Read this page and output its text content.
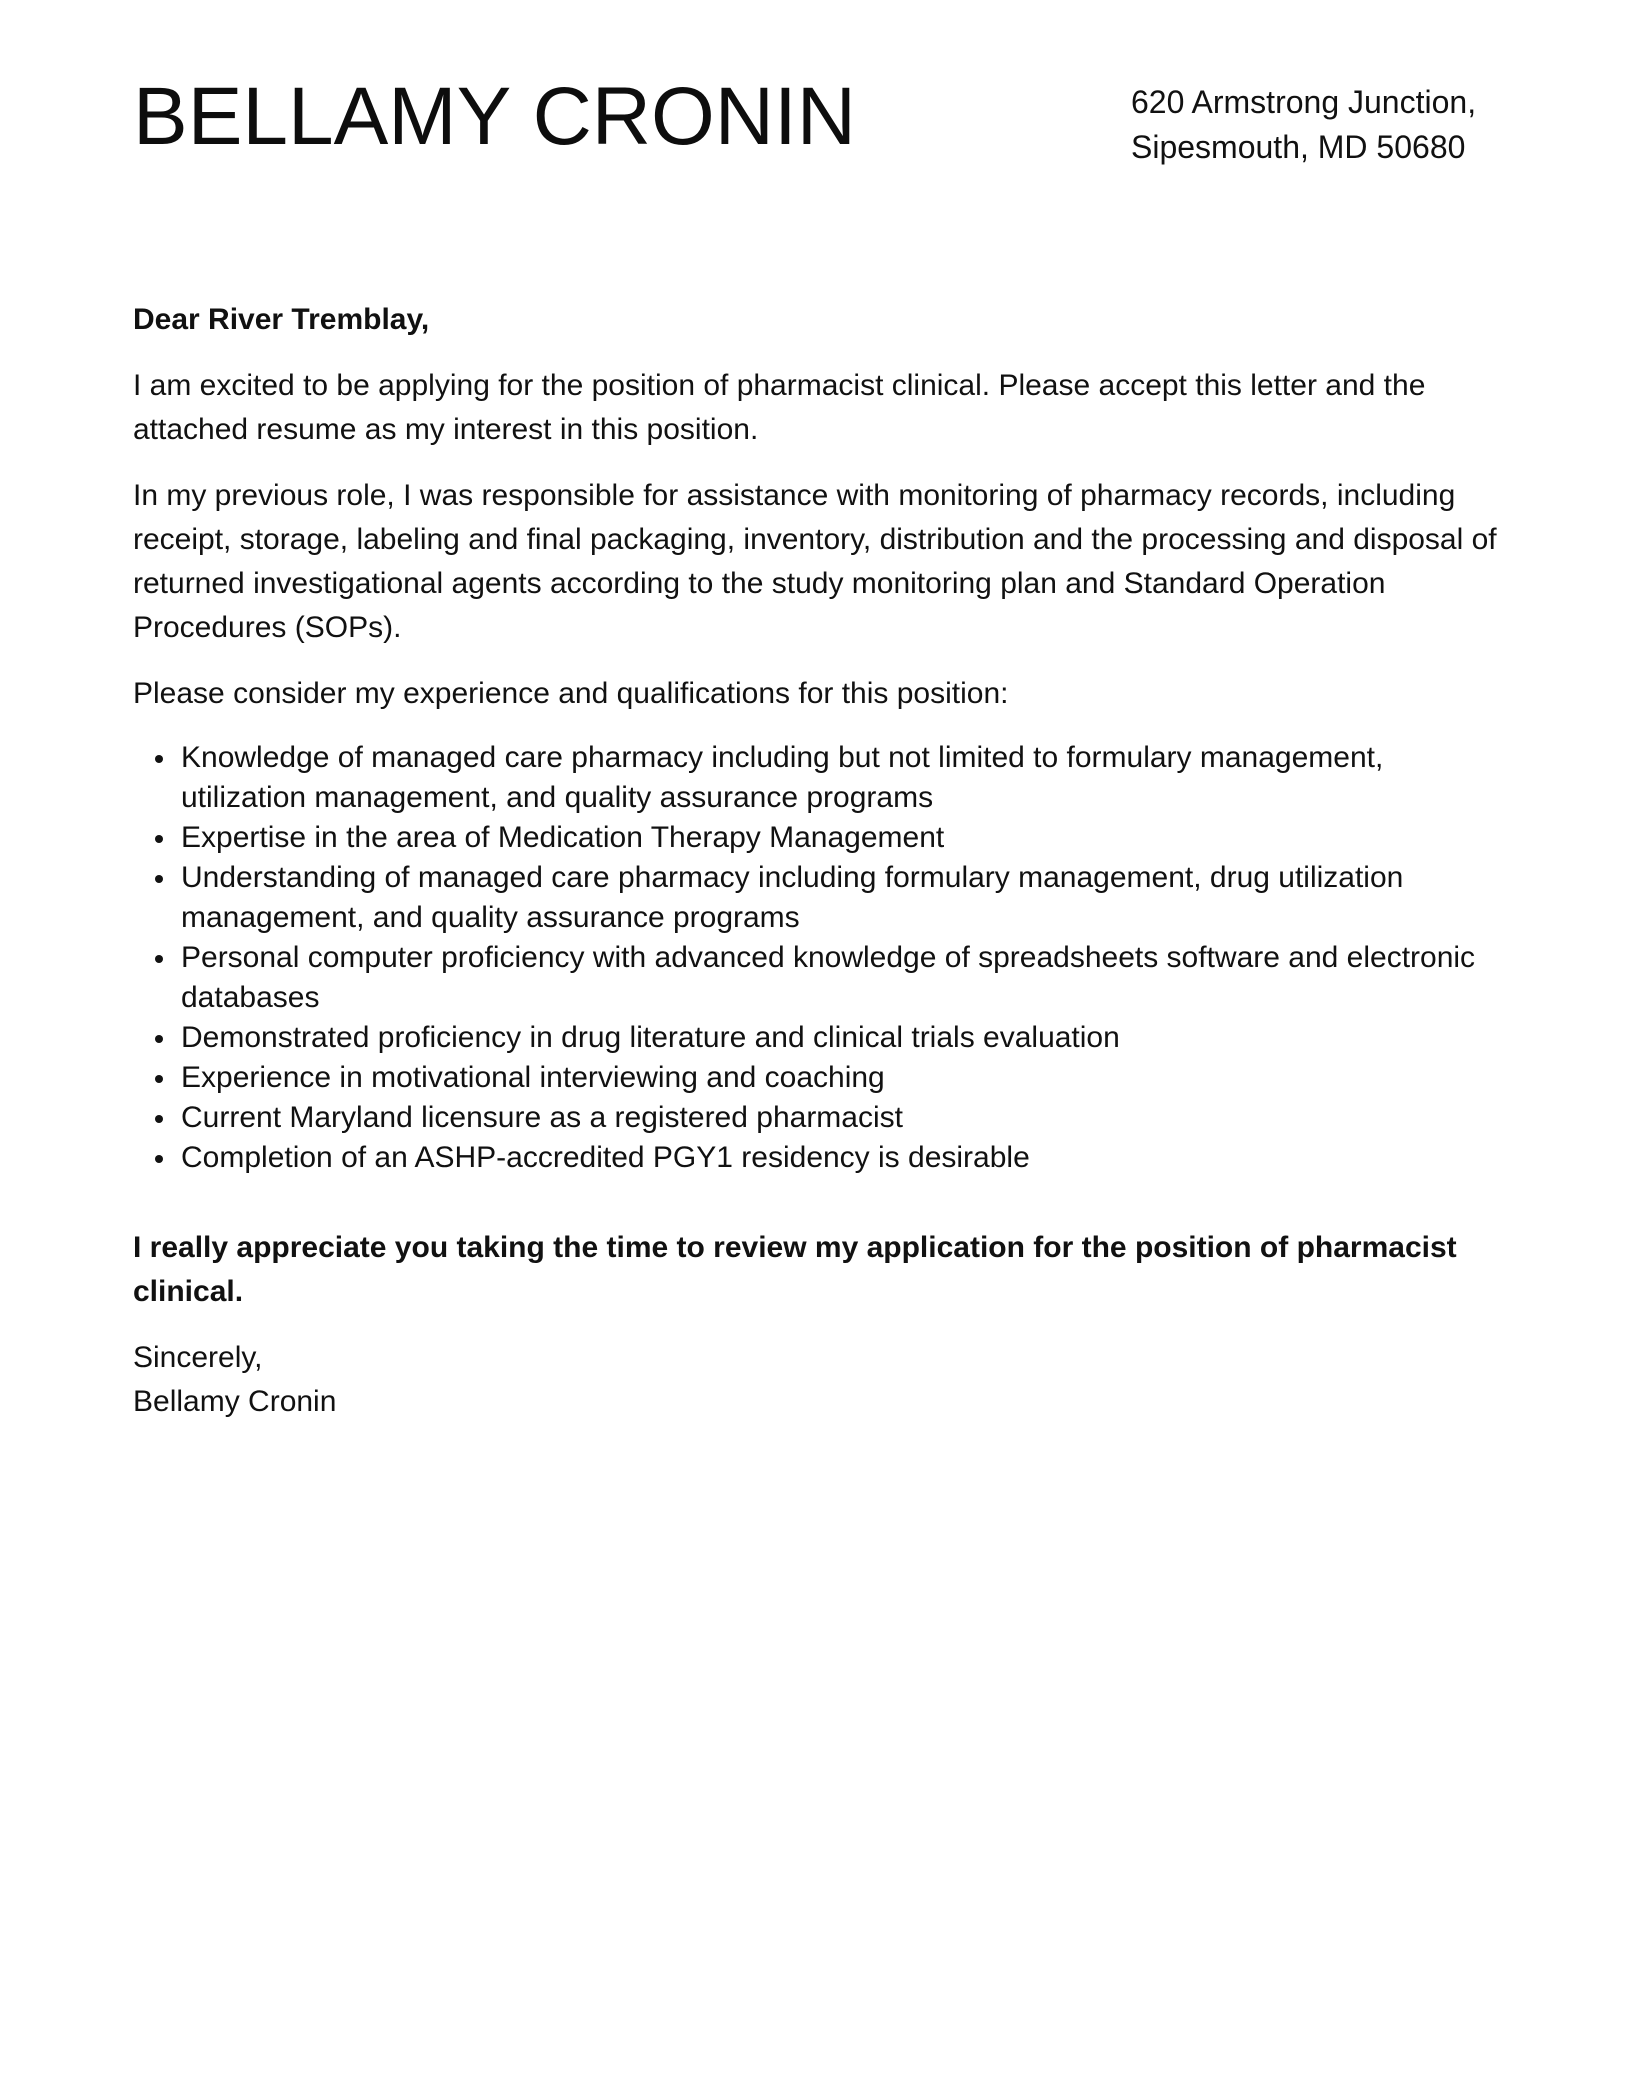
BELLAMY CRONIN	620 Armstrong Junction,
Sipesmouth, MD 50680

Dear River Tremblay,

I am excited to be applying for the position of pharmacist clinical. Please accept this letter and the attached resume as my interest in this position.

In my previous role, I was responsible for assistance with monitoring of pharmacy records, including receipt, storage, labeling and final packaging, inventory, distribution and the processing and disposal of returned investigational agents according to the study monitoring plan and Standard Operation Procedures (SOPs).

Please consider my experience and qualifications for this position:

Knowledge of managed care pharmacy including but not limited to formulary management, utilization management, and quality assurance programs
Expertise in the area of Medication Therapy Management
Understanding of managed care pharmacy including formulary management, drug utilization management, and quality assurance programs
Personal computer proficiency with advanced knowledge of spreadsheets software and electronic databases
Demonstrated proficiency in drug literature and clinical trials evaluation
Experience in motivational interviewing and coaching
Current Maryland licensure as a registered pharmacist
Completion of an ASHP-accredited PGY1 residency is desirable

I really appreciate you taking the time to review my application for the position of pharmacist clinical.

Sincerely,
Bellamy Cronin
